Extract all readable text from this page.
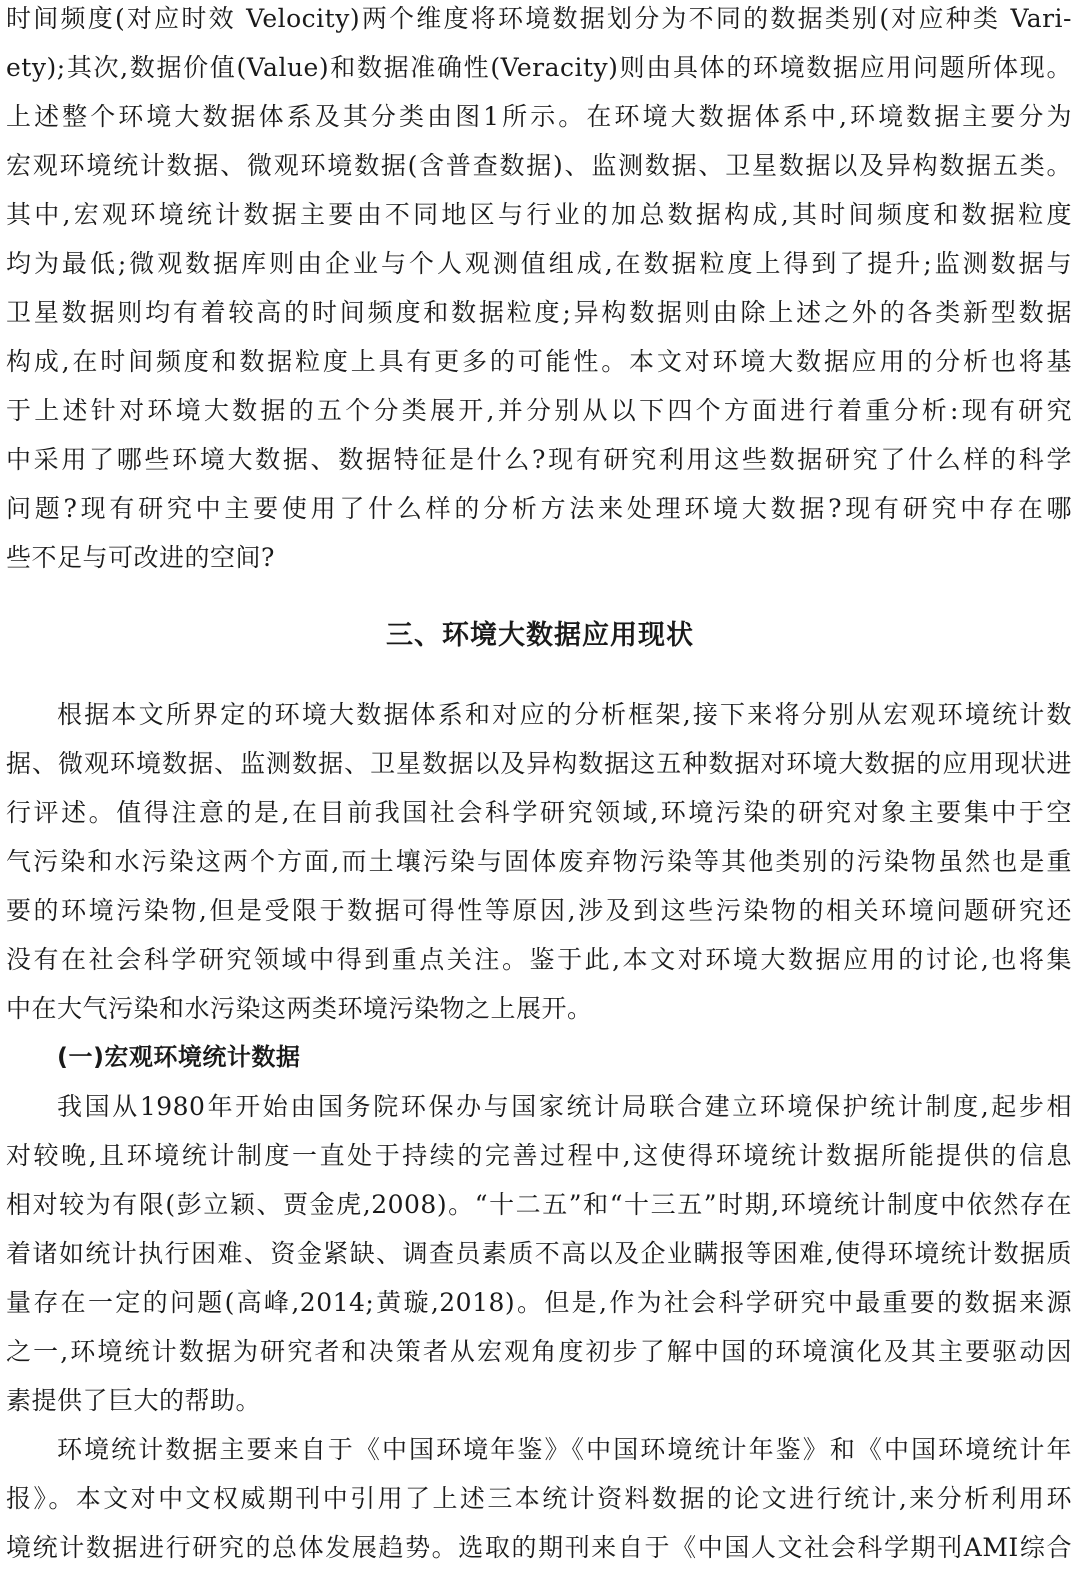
时间频度(对应时效 Velocity)两个维度将环境数据划分为不同的数据类别(对应种类 Vari-
ety);其次,数据价值(Value)和数据准确性(Veracity)则由具体的环境数据应用问题所体现。
上述整个环境大数据体系及其分类由图1所示。在环境大数据体系中,环境数据主要分为
宏观环境统计数据、微观环境数据(含普查数据)、监测数据、卫星数据以及异构数据五类。
其中,宏观环境统计数据主要由不同地区与行业的加总数据构成,其时间频度和数据粒度
均为最低;微观数据库则由企业与个人观测值组成,在数据粒度上得到了提升;监测数据与
卫星数据则均有着较高的时间频度和数据粒度;异构数据则由除上述之外的各类新型数据
构成,在时间频度和数据粒度上具有更多的可能性。本文对环境大数据应用的分析也将基
于上述针对环境大数据的五个分类展开,并分别从以下四个方面进行着重分析:现有研究
中采用了哪些环境大数据、数据特征是什么?现有研究利用这些数据研究了什么样的科学
问题?现有研究中主要使用了什么样的分析方法来处理环境大数据?现有研究中存在哪
些不足与可改进的空间?
三、环境大数据应用现状
根据本文所界定的环境大数据体系和对应的分析框架,接下来将分别从宏观环境统计数
据、微观环境数据、监测数据、卫星数据以及异构数据这五种数据对环境大数据的应用现状进
行评述。值得注意的是,在目前我国社会科学研究领域,环境污染的研究对象主要集中于空
气污染和水污染这两个方面,而土壤污染与固体废弃物污染等其他类别的污染物虽然也是重
要的环境污染物,但是受限于数据可得性等原因,涉及到这些污染物的相关环境问题研究还
没有在社会科学研究领域中得到重点关注。鉴于此,本文对环境大数据应用的讨论,也将集
中在大气污染和水污染这两类环境污染物之上展开。
(一)宏观环境统计数据
我国从1980年开始由国务院环保办与国家统计局联合建立环境保护统计制度,起步相
对较晚,且环境统计制度一直处于持续的完善过程中,这使得环境统计数据所能提供的信息
相对较为有限(彭立颖、贾金虎,2008)。“十二五”和“十三五”时期,环境统计制度中依然存在
着诸如统计执行困难、资金紧缺、调查员素质不高以及企业瞒报等困难,使得环境统计数据质
量存在一定的问题(高峰,2014;黄璇,2018)。但是,作为社会科学研究中最重要的数据来源
之一,环境统计数据为研究者和决策者从宏观角度初步了解中国的环境演化及其主要驱动因
素提供了巨大的帮助。
环境统计数据主要来自于《中国环境年鉴》《中国环境统计年鉴》和《中国环境统计年
报》。本文对中文权威期刊中引用了上述三本统计资料数据的论文进行统计,来分析利用环
境统计数据进行研究的总体发展趋势。选取的期刊来自于《中国人文社会科学期刊AMI综合
